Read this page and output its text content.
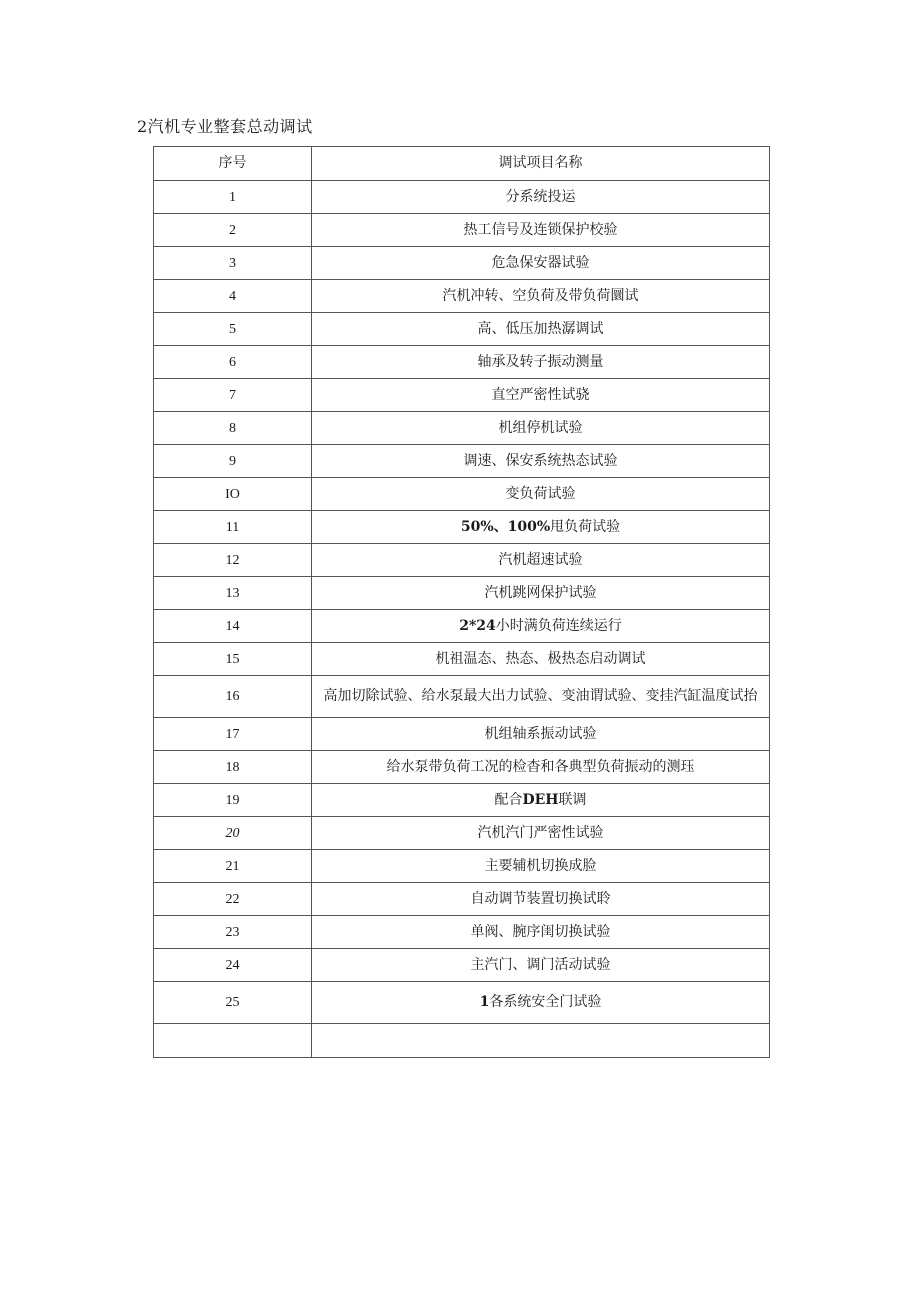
2汽机专业整套总动调试
序号	调试项目名称
1	分系统投运
2	热工信号及连锁保护校验
3	危急保安器试验
4	汽机冲转、空负荷及带负荷圜试
5	高、低压加热潺调试
6	轴承及转子振动测量
7	直空严密性试骁
8	机组停机试验
9	调速、保安系统热态试验
IO	变负荷试验
11	50%、100%甩负荷试验
12	汽机超速试验
13	汽机跳网保护试验
14	2*24小时满负荷连续运行
15	机祖温态、热态、极热态启动调试
16	高加切除试验、给水泵最大出力试验、变油谓试验、变挂汽缸温度试抬
17	机组轴系振动试验
18	给水泵带负荷工况的检杳和各典型负荷振动的测珏
19	配合DEH联调
20	汽机汽门严密性试验
21	主要辅机切换成脸
22	自动调节装置切换试聆
23	单阀、腕序闺切换试验
24	主汽门、调门活动试验
25	1各系统安全门试验
